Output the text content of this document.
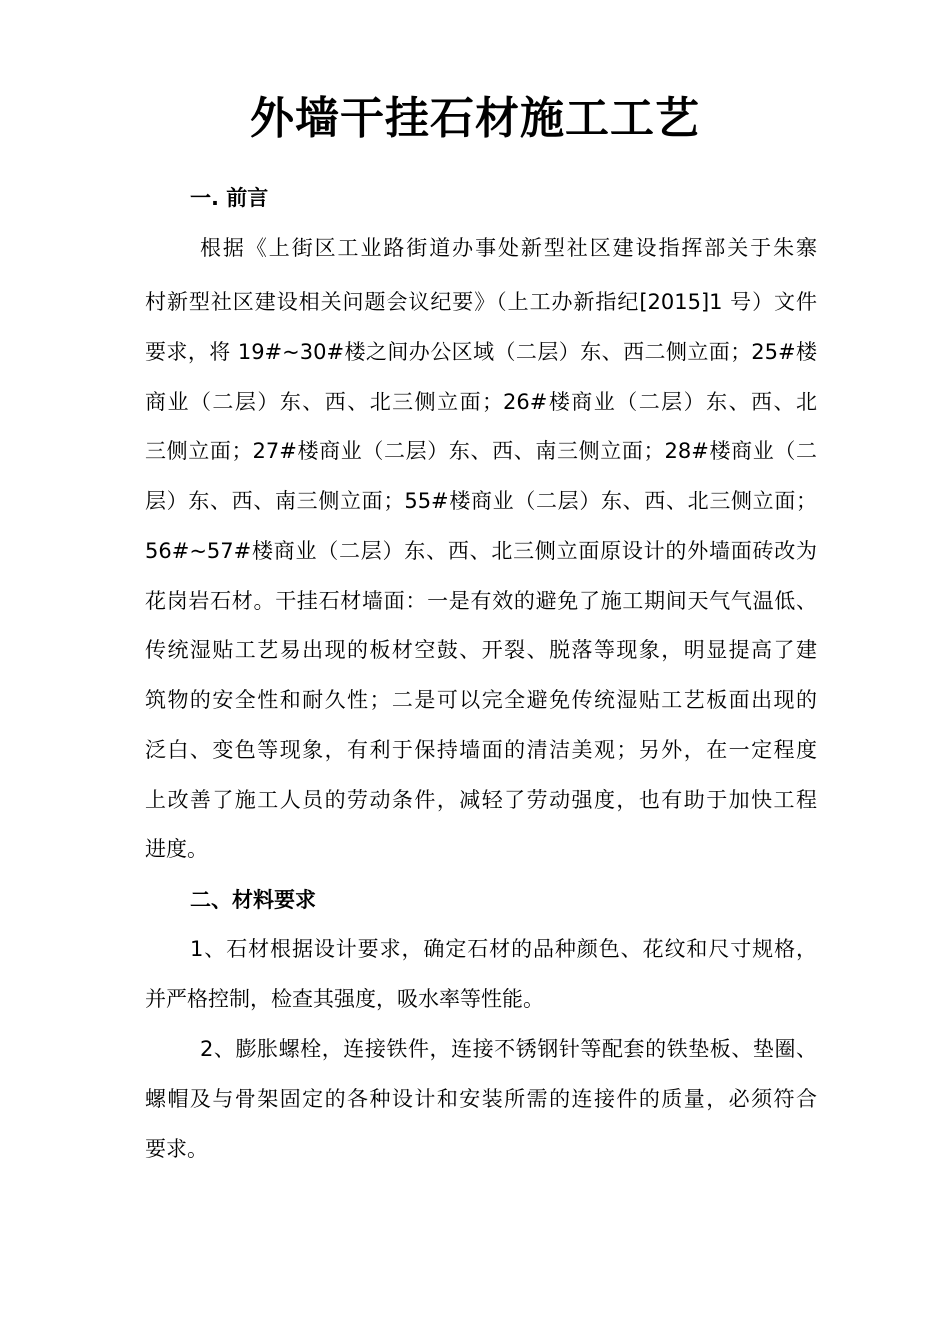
外墙干挂石材施工工艺
一. 前言
根据《上街区工业路街道办事处新型社区建设指挥部关于朱寨
村新型社区建设相关问题会议纪要》（上工办新指纪[2015]1 号）文件
要求，将 19#~30#楼之间办公区域（二层）东、西二侧立面；25#楼
商业（二层）东、西、北三侧立面；26#楼商业（二层）东、西、北
三侧立面；27#楼商业（二层）东、西、南三侧立面；28#楼商业（二
层）东、西、南三侧立面；55#楼商业（二层）东、西、北三侧立面；
56#~57#楼商业（二层）东、西、北三侧立面原设计的外墙面砖改为
花岗岩石材。干挂石材墙面：一是有效的避免了施工期间天气气温低、
传统湿贴工艺易出现的板材空鼓、开裂、脱落等现象，明显提高了建
筑物的安全性和耐久性；二是可以完全避免传统湿贴工艺板面出现的
泛白、变色等现象，有利于保持墙面的清洁美观；另外，在一定程度
上改善了施工人员的劳动条件，减轻了劳动强度，也有助于加快工程
进度。
二、材料要求
1、石材根据设计要求，确定石材的品种颜色、花纹和尺寸规格，
并严格控制，检查其强度，吸水率等性能。
2、膨胀螺栓，连接铁件，连接不锈钢针等配套的铁垫板、垫圈、
螺帽及与骨架固定的各种设计和安装所需的连接件的质量，必须符合
要求。
